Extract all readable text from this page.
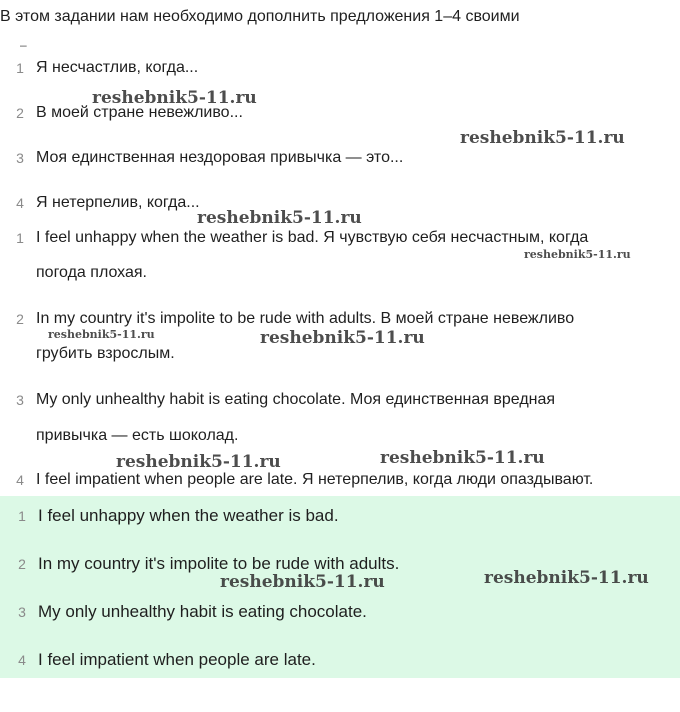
В этом задании нам необходимо дополнить предложения 1–4 своими
–
1 Я несчастлив, когда...
2 В моей стране невежливо...
3 Моя единственная нездоровая привычка — это...
4 Я нетерпелив, когда...
1 I feel unhappy when the weather is bad. Я чувствую себя несчастным, когда
погода плохая.
2 In my country it's impolite to be rude with adults. В моей стране невежливо
грубить взрослым.
3 My only unhealthy habit is eating chocolate. Моя единственная вредная
привычка — есть шоколад.
4 I feel impatient when people are late. Я нетерпелив, когда люди опаздывают.
1 I feel unhappy when the weather is bad.
2 In my country it's impolite to be rude with adults.
3 My only unhealthy habit is eating chocolate.
4 I feel impatient when people are late.
reshebnik5-11.ru
reshebnik5-11.ru
reshebnik5-11.ru
reshebnik5-11.ru
reshebnik5-11.ru	reshebnik5-11.ru
reshebnik5-11.ru	reshebnik5-11.ru
reshebnik5-11.ru	reshebnik5-11.ru
